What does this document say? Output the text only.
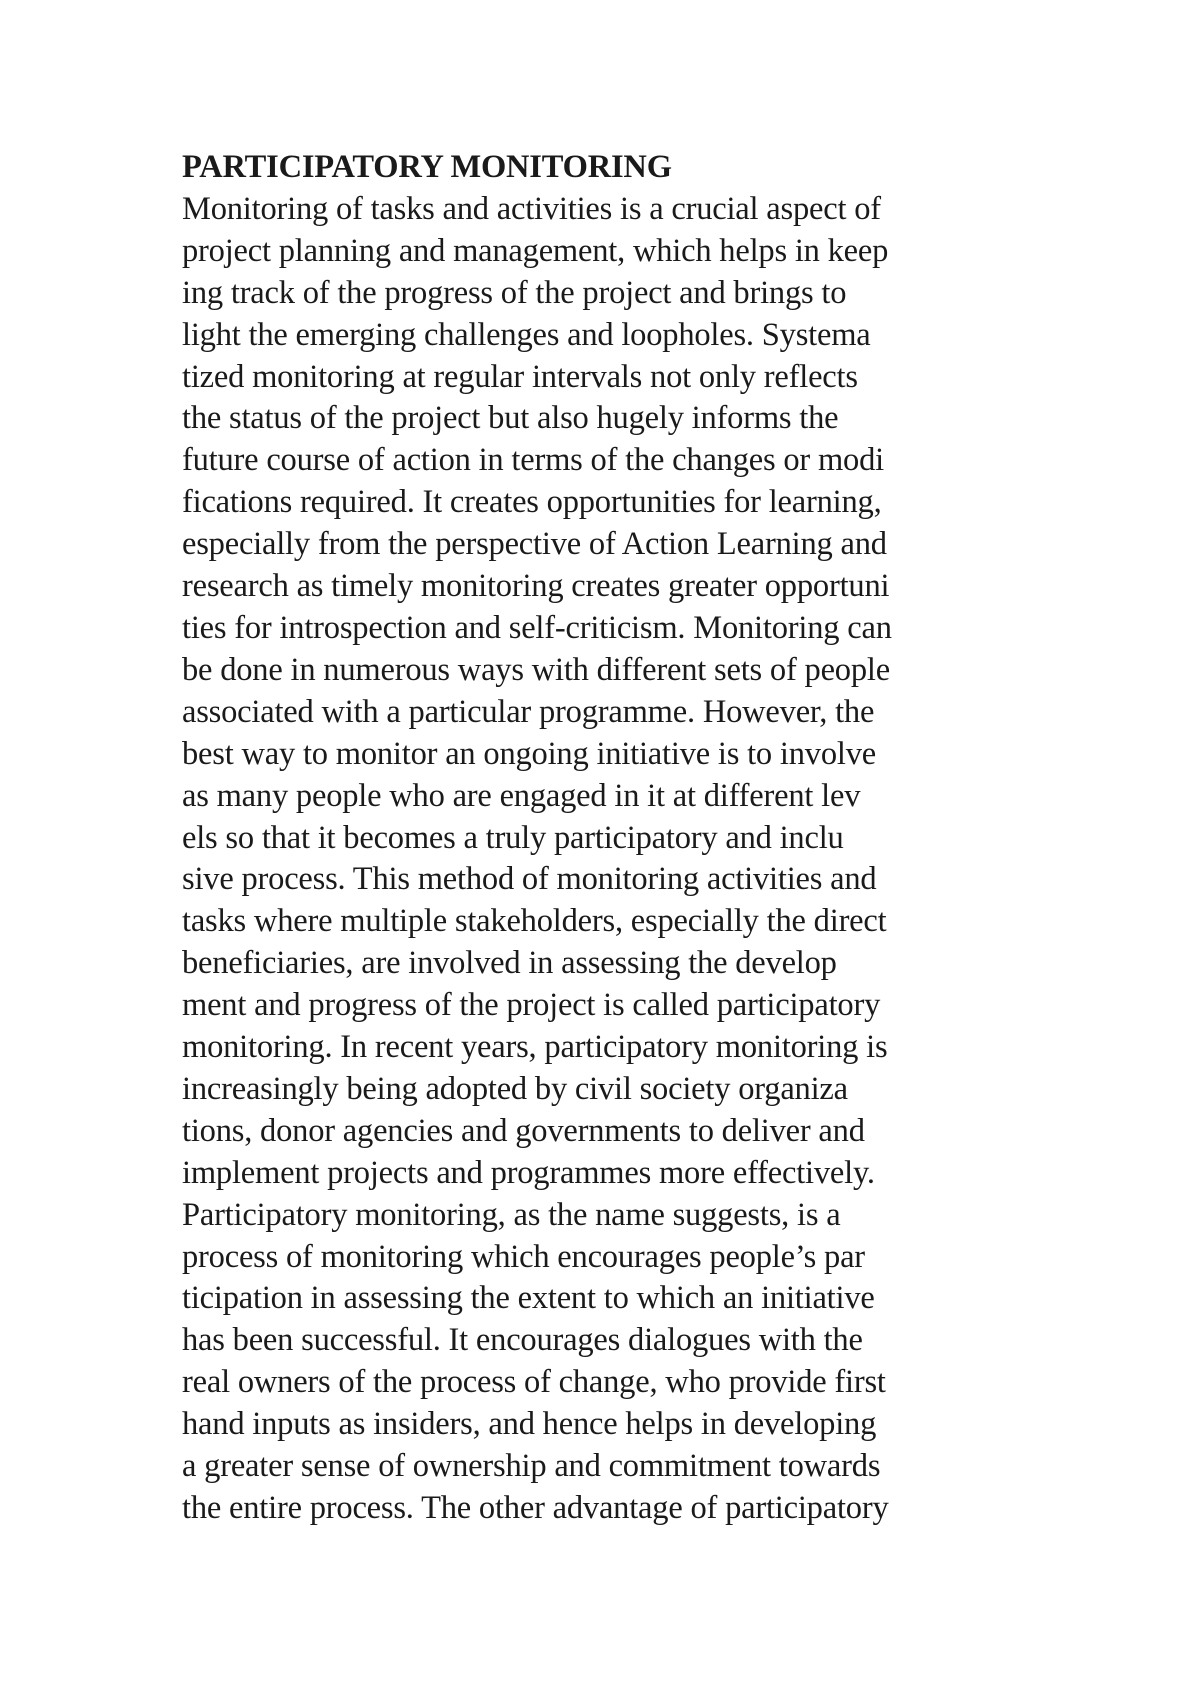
PARTICIPATORY MONITORING

Monitoring of tasks and activities is a crucial aspect of

project planning and management, which helps in keep

ing track of the progress of the project and brings to

light the emerging challenges and loopholes. Systema

tized monitoring at regular intervals not only reflects

the status of the project but also hugely informs the

future course of action in terms of the changes or modi

fications required. It creates opportunities for learning,

especially from the perspective of Action Learning and

research as timely monitoring creates greater opportuni

ties for introspection and self-criticism. Monitoring can

be done in numerous ways with different sets of people

associated with a particular programme. However, the

best way to monitor an ongoing initiative is to involve

as many people who are engaged in it at different lev

els so that it becomes a truly participatory and inclu

sive process. This method of monitoring activities and

tasks where multiple stakeholders, especially the direct

beneficiaries, are involved in assessing the develop

ment and progress of the project is called participatory

monitoring. In recent years, participatory monitoring is

increasingly being adopted by civil society organiza

tions, donor agencies and governments to deliver and

implement projects and programmes more effectively.

Participatory monitoring, as the name suggests, is a

process of monitoring which encourages people’s par

ticipation in assessing the extent to which an initiative

has been successful. It encourages dialogues with the

real owners of the process of change, who provide first

hand inputs as insiders, and hence helps in developing

a greater sense of ownership and commitment towards

the entire process. The other advantage of participatory
